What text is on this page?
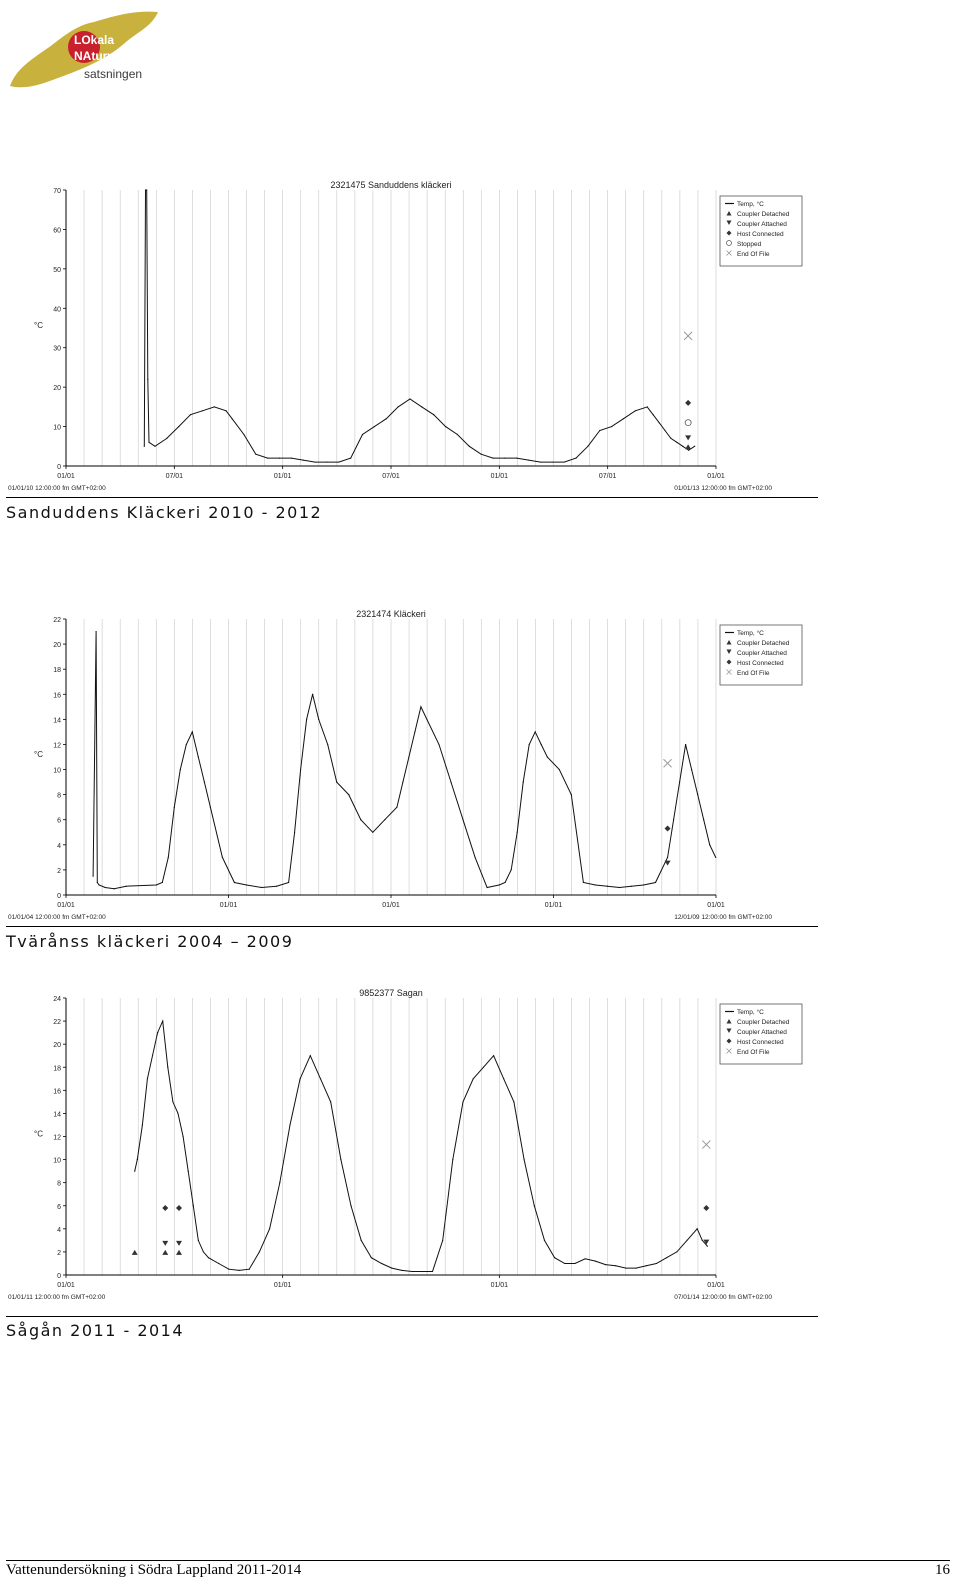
LOkala
NAturvårds
satsningen
0
10
20
30
40
50
60
70
°C
01/01	07/01	01/01	07/01	01/01	07/01	01/01
01/01/10 12:00:00 fm GMT+02:00	01/01/13 12:00:00 fm GMT+02:00
2321475 Sanduddens kläckeri
Temp, °C
Coupler Detached
Coupler Attached
Host Connected
Stopped
End Of File
Sanduddens Kläckeri 2010 - 2012
0
2
4
6
8
10
12
14
16
18
20
22
°C
01/01	01/01	01/01	01/01	01/01
01/01/04 12:00:00 fm GMT+02:00	12/01/09 12:00:00 fm GMT+02:00
2321474 Kläckeri
Temp, °C
Coupler Detached
Coupler Attached
Host Connected
End Of File
Tvärånss kläckeri 2004 – 2009
0
2
4
6
8
10
12
14
16
18
20
22
24
°C
01/01	01/01	01/01	01/01
01/01/11 12:00:00 fm GMT+02:00	07/01/14 12:00:00 fm GMT+02:00
9852377 Sagan
Temp, °C
Coupler Detached
Coupler Attached
Host Connected
End Of File
Sågån 2011 - 2014
Vattenundersökning i Södra Lappland 2011-2014	16
